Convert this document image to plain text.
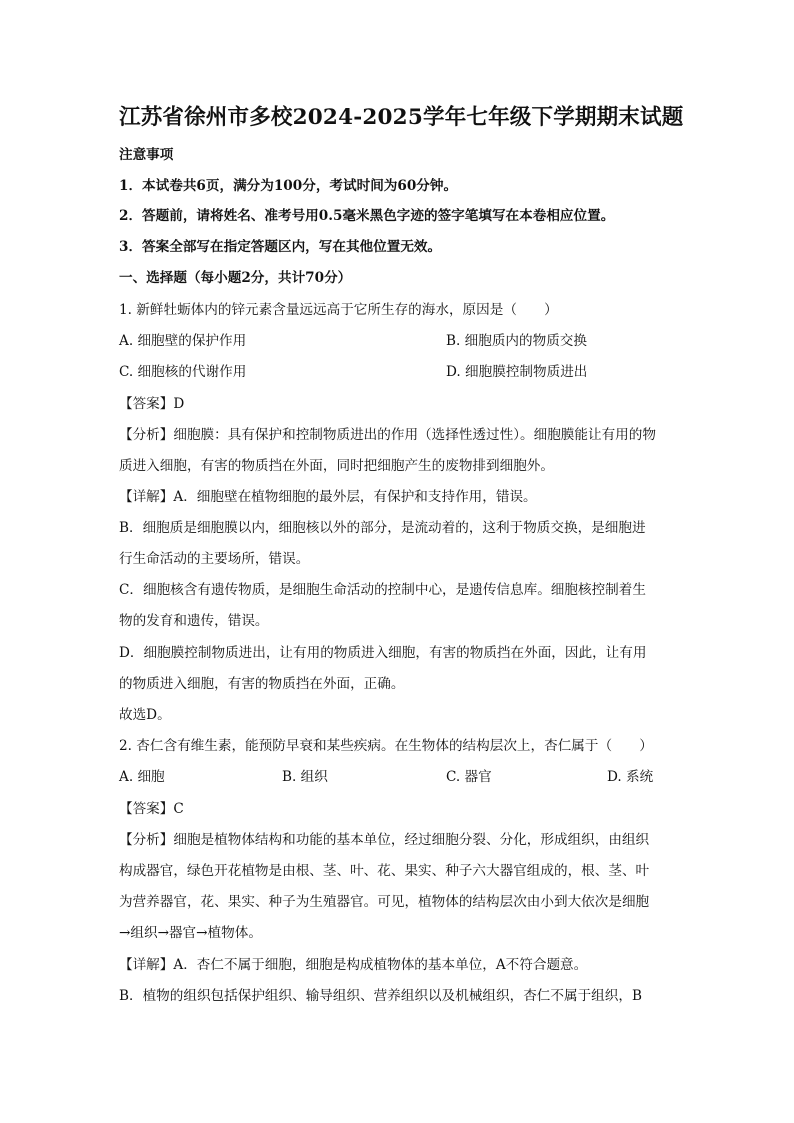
江苏省徐州市多校2024-2025学年七年级下学期期末试题
注意事项
1．本试卷共6页，满分为100分，考试时间为60分钟。
2．答题前，请将姓名、准考号用0.5毫米黑色字迹的签字笔填写在本卷相应位置。
3．答案全部写在指定答题区内，写在其他位置无效。
一、选择题（每小题2分，共计70分）
1. 新鲜牡蛎体内的锌元素含量远远高于它所生存的海水，原因是（　　）
A. 细胞壁的保护作用	B. 细胞质内的物质交换
C. 细胞核的代谢作用	D. 细胞膜控制物质进出
【答案】D
【分析】细胞膜：具有保护和控制物质进出的作用（选择性透过性）。细胞膜能让有用的物
质进入细胞，有害的物质挡在外面，同时把细胞产生的废物排到细胞外。
【详解】A．细胞壁在植物细胞的最外层，有保护和支持作用，错误。
B．细胞质是细胞膜以内，细胞核以外的部分，是流动着的，这利于物质交换，是细胞进
行生命活动的主要场所，错误。
C．细胞核含有遗传物质，是细胞生命活动的控制中心，是遗传信息库。细胞核控制着生
物的发育和遗传，错误。
D．细胞膜控制物质进出，让有用的物质进入细胞，有害的物质挡在外面，因此，让有用
的物质进入细胞，有害的物质挡在外面，正确。
故选D。
2. 杏仁含有维生素，能预防早衰和某些疾病。在生物体的结构层次上，杏仁属于（　　）
A. 细胞	B. 组织	C. 器官	D. 系统
【答案】C
【分析】细胞是植物体结构和功能的基本单位，经过细胞分裂、分化，形成组织，由组织
构成器官，绿色开花植物是由根、茎、叶、花、果实、种子六大器官组成的，根、茎、叶
为营养器官，花、果实、种子为生殖器官。可见，植物体的结构层次由小到大依次是细胞
→组织→器官→植物体。
【详解】A．杏仁不属于细胞，细胞是构成植物体的基本单位，A不符合题意。
B．植物的组织包括保护组织、输导组织、营养组织以及机械组织，杏仁不属于组织，B
